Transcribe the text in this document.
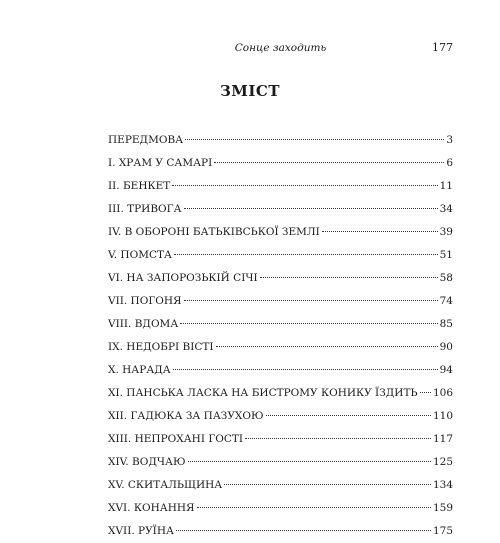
Сонце заходить	177
ЗМІСТ
ПЕРЕДМОВА	3
І. ХРАМ У САМАРІ	6
ІІ. БЕНКЕТ	11
ІІІ. ТРИВОГА	34
IV. В ОБОРОНІ БАТЬКІВСЬКОЇ ЗЕМЛІ	39
V. ПОМСТА	51
VI. НА ЗАПОРОЗЬКІЙ СІЧІ	58
VII. ПОГОНЯ	74
VIII. ВДОМА	85
IX. НЕДОБРІ ВІСТІ	90
X. НАРАДА	94
XI. ПАНСЬКА ЛАСКА НА БИСТРОМУ КОНИКУ ЇЗДИТЬ 106
XII. ГАДЮКА ЗА ПАЗУХОЮ	110
XIII. НЕПРОХАНІ ГОСТІ	117
XIV. ВОДЧАЮ	125
XV. СКИТАЛЬЩИНА	134
XVI. КОНАННЯ	159
XVII. РУЇНА	175
